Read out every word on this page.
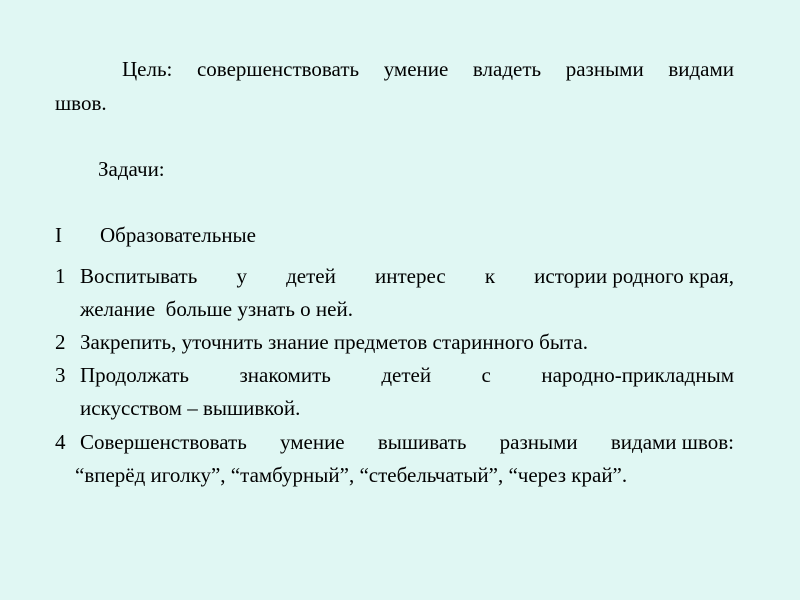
Цель: совершенствовать умение владеть разными видами
швов.
Задачи:
I Образовательные
1 Воспитывать у детей интерес к истории родного края,
желание  больше узнать о ней.
2 Закрепить, уточнить знание предметов старинного быта.
3 Продолжать знакомить детей с народно-прикладным
искусством – вышивкой.
4 Совершенствовать умение вышивать разными видами швов:
“вперёд иголку”, “тамбурный”, “стебельчатый”, “через край”.
